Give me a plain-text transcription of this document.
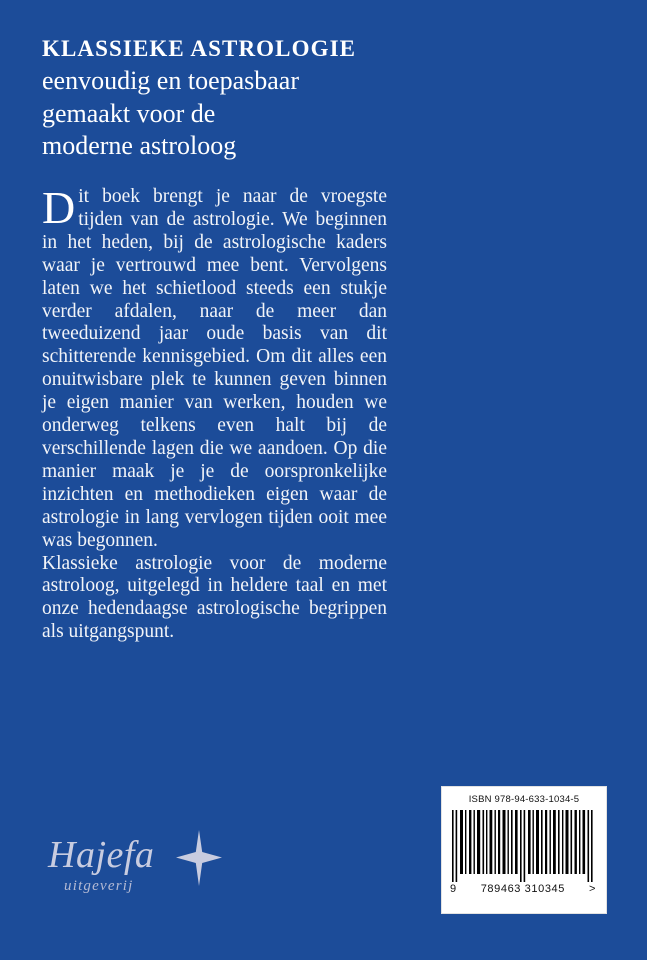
KLASSIEKE ASTROLOGIE
eenvoudig en toepasbaar
gemaakt voor de
moderne astroloog

Dit boek brengt je naar de vroegste tijden van de astrologie. We beginnen in het heden, bij de astrologische kaders waar je vertrouwd mee bent. Vervolgens laten we het schietlood steeds een stukje verder afdalen, naar de meer dan tweeduizend jaar oude basis van dit schitterende kennisgebied. Om dit alles een onuitwisbare plek te kunnen geven binnen je eigen manier van werken, houden we onderweg telkens even halt bij de verschillende lagen die we aandoen. Op die manier maak je je de oorspronkelijke inzichten en methodieken eigen waar de astrologie in lang vervlogen tijden ooit mee was begonnen.

Klassieke astrologie voor de moderne astroloog, uitgelegd in heldere taal en met onze hedendaagse astrologische begrippen als uitgangspunt.

Hajefa
uitgeverij
ISBN 978-94-633-1034-5
9 789463 310345 >
